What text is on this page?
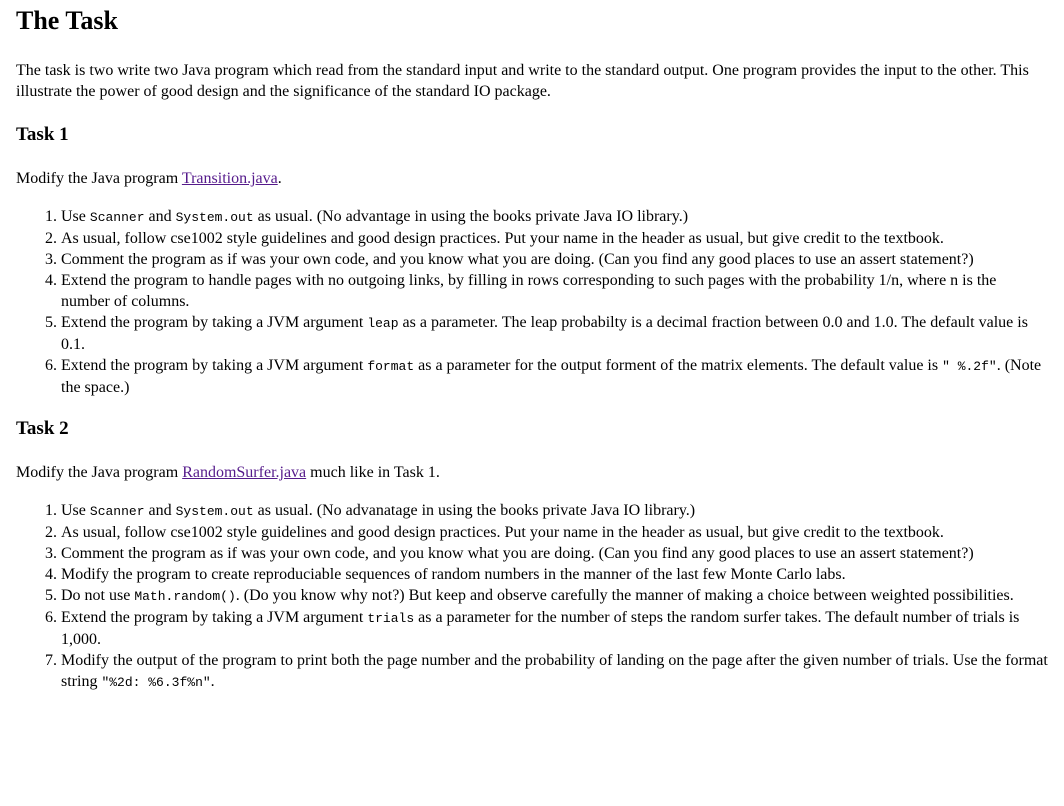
The Task

The task is two write two Java program which read from the standard input and write to the standard output. One program provides the input to the other. This illustrate the power of good design and the significance of the standard IO package.

Task 1

Modify the Java program Transition.java.

1. Use Scanner and System.out as usual. (No advantage in using the books private Java IO library.)
2. As usual, follow cse1002 style guidelines and good design practices. Put your name in the header as usual, but give credit to the textbook.
3. Comment the program as if was your own code, and you know what you are doing. (Can you find any good places to use an assert statement?)
4. Extend the program to handle pages with no outgoing links, by filling in rows corresponding to such pages with the probability 1/n, where n is the number of columns.
5. Extend the program by taking a JVM argument leap as a parameter. The leap probabilty is a decimal fraction between 0.0 and 1.0. The default value is 0.1.
6. Extend the program by taking a JVM argument format as a parameter for the output forment of the matrix elements. The default value is " %.2f". (Note the space.)
Task 2

Modify the Java program RandomSurfer.java much like in Task 1.

1. Use Scanner and System.out as usual. (No advanatage in using the books private Java IO library.)
2. As usual, follow cse1002 style guidelines and good design practices. Put your name in the header as usual, but give credit to the textbook.
3. Comment the program as if was your own code, and you know what you are doing. (Can you find any good places to use an assert statement?)
4. Modify the program to create reproduciable sequences of random numbers in the manner of the last few Monte Carlo labs.
5. Do not use Math.random(). (Do you know why not?) But keep and observe carefully the manner of making a choice between weighted possibilities.
6. Extend the program by taking a JVM argument trials as a parameter for the number of steps the random surfer takes. The default number of trials is 1,000.
7. Modify the output of the program to print both the page number and the probability of landing on the page after the given number of trials. Use the format string "%2d: %6.3f%n".
